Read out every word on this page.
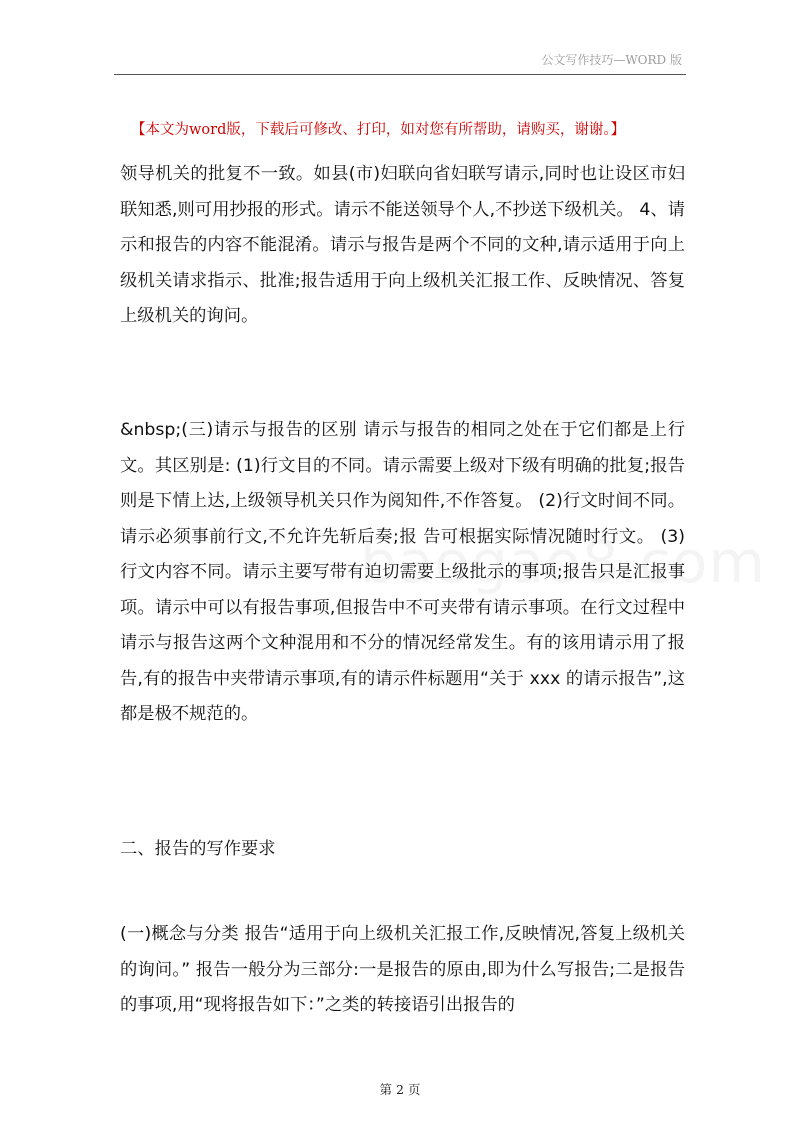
公文写作技巧—WORD 版
【本文为word版，下载后可修改、打印，如对您有所帮助，请购买，谢谢。】

领导机关的批复不一致。如县(市)妇联向省妇联写请示,同时也让设区市妇联知悉,则可用抄报的形式。请示不能送领导个人,不抄送下级机关。 4、请示和报告的内容不能混淆。请示与报告是两个不同的文种,请示适用于向上级机关请求指示、批准;报告适用于向上级机关汇报工作、反映情况、答复上级机关的询问。

&nbsp;(三)请示与报告的区别 请示与报告的相同之处在于它们都是上行文。其区别是: (1)行文目的不同。请示需要上级对下级有明确的批复;报告 则是下情上达,上级领导机关只作为阅知件,不作答复。 (2)行文时间不同。请示必须事前行文,不允许先斩后奏;报 告可根据实际情况随时行文。 (3)行文内容不同。请示主要写带有迫切需要上级批示的事项;报告只是汇报事项。请示中可以有报告事项,但报告中不可夹带有请示事项。在行文过程中请示与报告这两个文种混用和不分的情况经常发生。有的该用请示用了报告,有的报告中夹带请示事项,有的请示件标题用“关于 xxx 的请示报告”,这都是极不规范的。

二、报告的写作要求

(一)概念与分类 报告“适用于向上级机关汇报工作,反映情况,答复上级机关 的询问。” 报告一般分为三部分:一是报告的原由,即为什么写报告;二是报告的事项,用“现将报告如下：”之类的转接语引出报告的

第 2 页
